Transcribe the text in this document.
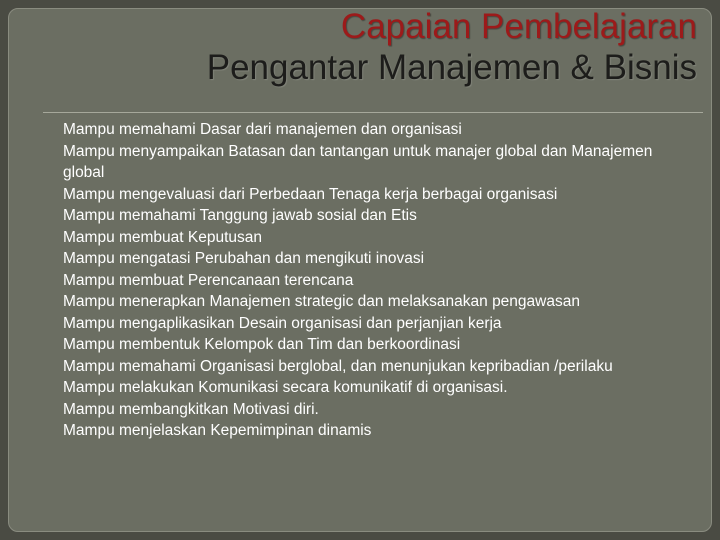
Capaian Pembelajaran
Pengantar Manajemen & Bisnis
Mampu memahami Dasar dari manajemen dan organisasi
Mampu menyampaikan Batasan dan tantangan untuk manajer global dan Manajemen global
Mampu mengevaluasi dari Perbedaan Tenaga kerja berbagai organisasi
Mampu memahami Tanggung jawab sosial dan Etis
Mampu membuat Keputusan
Mampu mengatasi Perubahan dan mengikuti inovasi
Mampu membuat Perencanaan terencana
Mampu menerapkan Manajemen strategic dan melaksanakan pengawasan
Mampu mengaplikasikan Desain organisasi dan perjanjian kerja
Mampu membentuk Kelompok dan Tim dan berkoordinasi
Mampu memahami Organisasi berglobal, dan menunjukan kepribadian /perilaku
Mampu melakukan Komunikasi secara komunikatif di organisasi.
Mampu membangkitkan Motivasi diri.
Mampu menjelaskan Kepemimpinan dinamis
